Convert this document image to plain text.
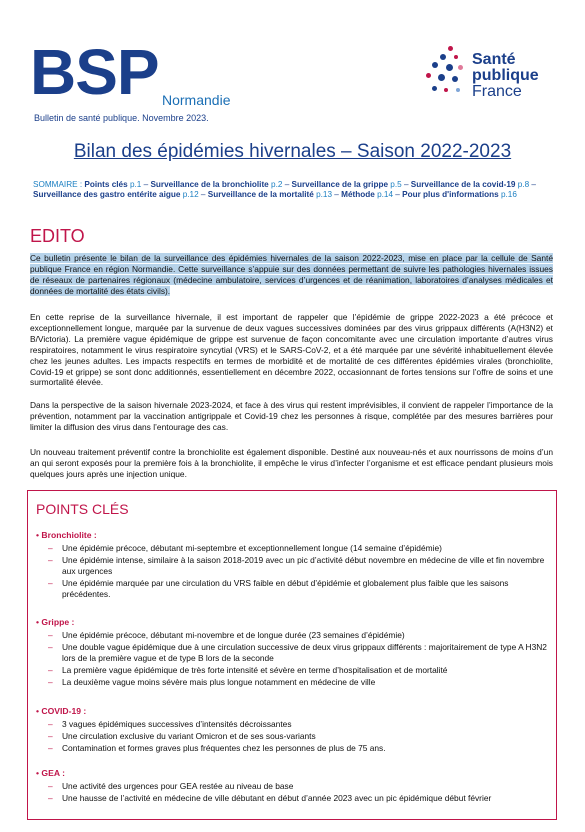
BSP Normandie
Bulletin de santé publique. Novembre 2023.
Santé
publique
France
Bilan des épidémies hivernales – Saison 2022-2023
SOMMAIRE : Points clés p.1 – Surveillance de la bronchiolite p.2 – Surveillance de la grippe p.5 – Surveillance de la covid-19 p.8 – Surveillance des gastro entérite aigue p.12 – Surveillance de la mortalité p.13 – Méthode p.14 – Pour plus d'informations p.16
EDITO
Ce bulletin présente le bilan de la surveillance des épidémies hivernales de la saison 2022-2023, mise en place par la cellule de Santé publique France en région Normandie. Cette surveillance s’appuie sur des données permettant de suivre les pathologies hivernales issues de réseaux de partenaires régionaux (médecine ambulatoire, services d’urgences et de réanimation, laboratoires d’analyses médicales et données de mortalité des états civils).
En cette reprise de la surveillance hivernale, il est important de rappeler que l’épidémie de grippe 2022-2023 a été précoce et exceptionnellement longue, marquée par la survenue de deux vagues successives dominées par des virus grippaux différents (A(H3N2) et B/Victoria). La première vague épidémique de grippe est survenue de façon concomitante avec une circulation importante d’autres virus respiratoires, notamment le virus respiratoire syncytial (VRS) et le SARS-CoV-2, et a été marquée par une sévérité inhabituellement élevée chez les jeunes adultes. Les impacts respectifs en termes de morbidité et de mortalité de ces différentes épidémies virales (bronchiolite, Covid-19 et grippe) se sont donc additionnés, essentiellement en décembre 2022, occasionnant de fortes tensions sur l’offre de soins et une surmortalité élevée.
Dans la perspective de la saison hivernale 2023-2024, et face à des virus qui restent imprévisibles, il convient de rappeler l’importance de la prévention, notamment par la vaccination antigrippale et Covid-19 chez les personnes à risque, complétée par des mesures barrières pour limiter la diffusion des virus dans l’entourage des cas.
Un nouveau traitement préventif contre la bronchiolite est également disponible. Destiné aux nouveau-nés et aux nourrissons de moins d’un an qui seront exposés pour la première fois à la bronchiolite, il empêche le virus d’infecter l’organisme et est efficace pendant plusieurs mois quelques jours après une injection unique.
POINTS CLÉS
• Bronchiolite :
– Une épidémie précoce, débutant mi-septembre et exceptionnellement longue (14 semaine d’épidémie)
– Une épidémie intense, similaire à la saison 2018-2019 avec un pic d’activité début novembre en médecine de ville et fin novembre aux urgences
– Une épidémie marquée par une circulation du VRS faible en début d’épidémie et globalement plus faible que les saisons précédentes.
• Grippe :
– Une épidémie précoce, débutant mi-novembre et de longue durée (23 semaines d’épidémie)
– Une double vague épidémique due à une circulation successive de deux virus grippaux différents : majoritairement de type A H3N2 lors de la première vague et de type B lors de la seconde
– La première vague épidémique de très forte intensité et sévère en terme d’hospitalisation et de mortalité
– La deuxième vague moins sévère mais plus longue notamment en médecine de ville
• COVID-19 :
– 3 vagues épidémiques successives d’intensités décroissantes
– Une circulation exclusive du variant Omicron et de ses sous-variants
– Contamination et formes graves plus fréquentes chez les personnes de plus de 75 ans.
• GEA :
– Une activité des urgences pour GEA restée au niveau de base
– Une hausse de l’activité en médecine de ville débutant en début d’année 2023 avec un pic épidémique début février
